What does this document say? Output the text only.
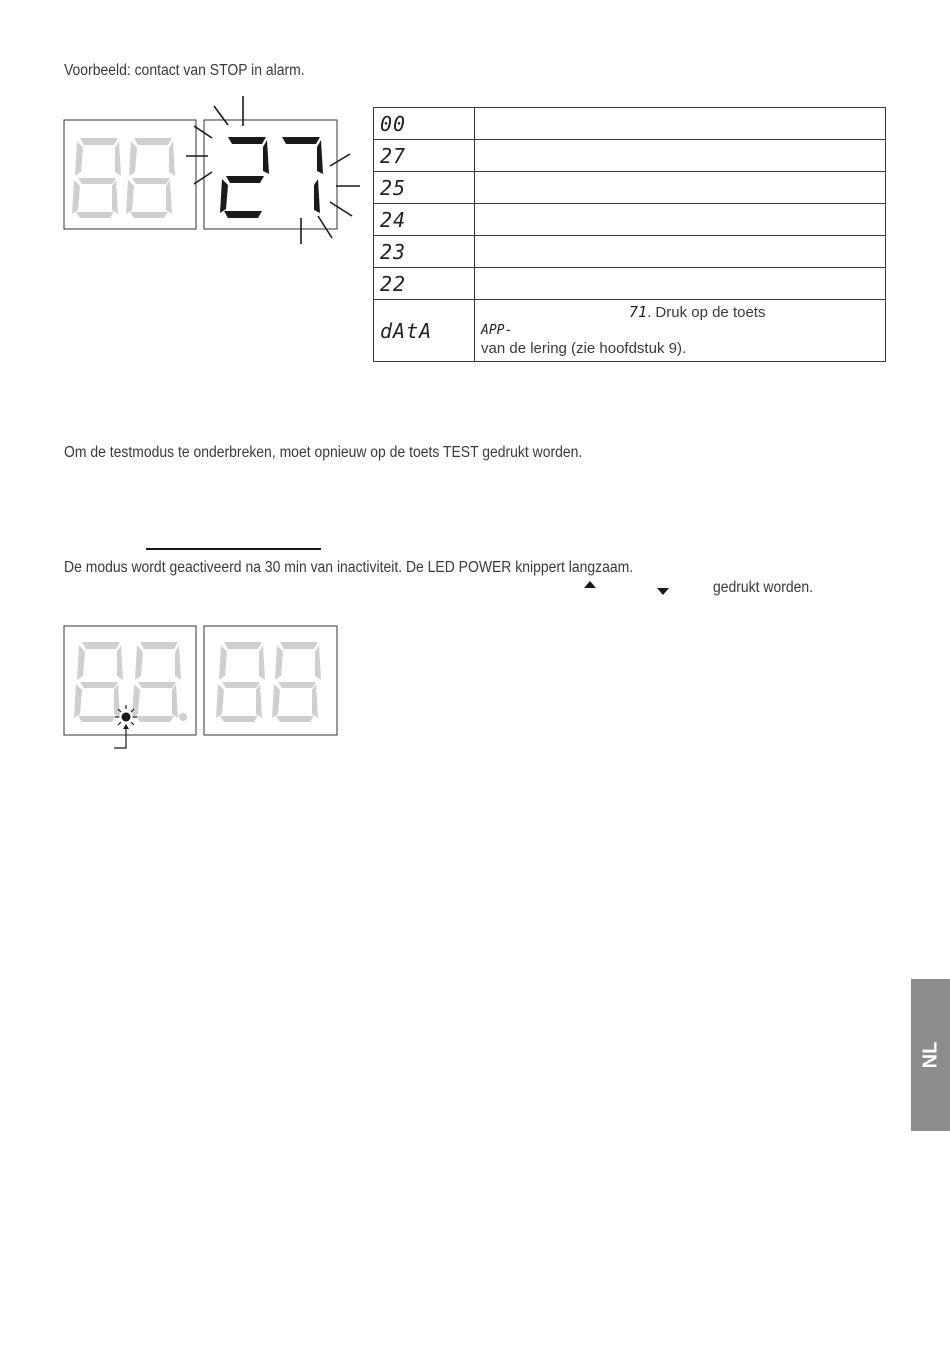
Voorbeeld: contact van STOP in alarm.
00	
27	
25	
24	
23	
22	
dAtA	71. Druk op de toets
APP-
van de lering (zie hoofdstuk 9).
Om de testmodus te onderbreken, moet opnieuw op de toets TEST gedrukt worden.
De modus wordt geactiveerd na 30 min van inactiviteit. De LED POWER knippert langzaam.
gedrukt worden.
NL
